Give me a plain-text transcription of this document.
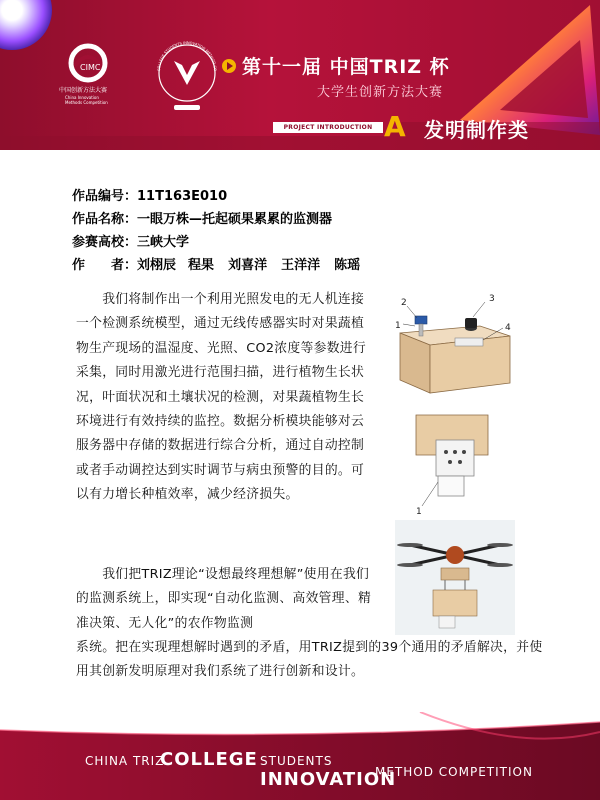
CIMC
中国创新方法大赛
China Innovation
Methods Competition
COLLEGE STUDENTS INNOVATION METHOD CO	第十一届 中国TRIZ 杯
大学生创新方法大赛
PROJECT INTRODUCTION A 发明制作类
作品编号：11T163E010
作品名称：一眼万株—托起硕果累累的监测器
参赛高校：三峡大学
作 者：刘栩辰 程果 刘喜洋 王洋洋 陈瑶
　　我们将制作出一个利用光照发电的无人机连接一个检测系统模型，通过无线传感器实时对果蔬植物生产现场的温湿度、光照、CO2浓度等参数进行采集，同时用激光进行范围扫描，进行植物生长状况，叶面状况和土壤状况的检测，对果蔬植物生长环境进行有效持续的监控。数据分析模块能够对云服务器中存储的数据进行综合分析，通过自动控制或者手动调控达到实时调节与病虫预警的目的。可以有力增长种植效率，减少经济损失。
　　我们把TRIZ理论“设想最终理想解”使用在我们的监测系统上，即实现“自动化监测、高效管理、精准决策、无人化”的农作物监测
系统。把在实现理想解时遇到的矛盾，用TRIZ提到的39个通用的矛盾解决，并使用其创新发明原理对我们系统了进行创新和设计。
1
2	3
4
1
CHINA TRIZ
COLLEGE STUDENTS
INNOVATION
METHOD COMPETITION
